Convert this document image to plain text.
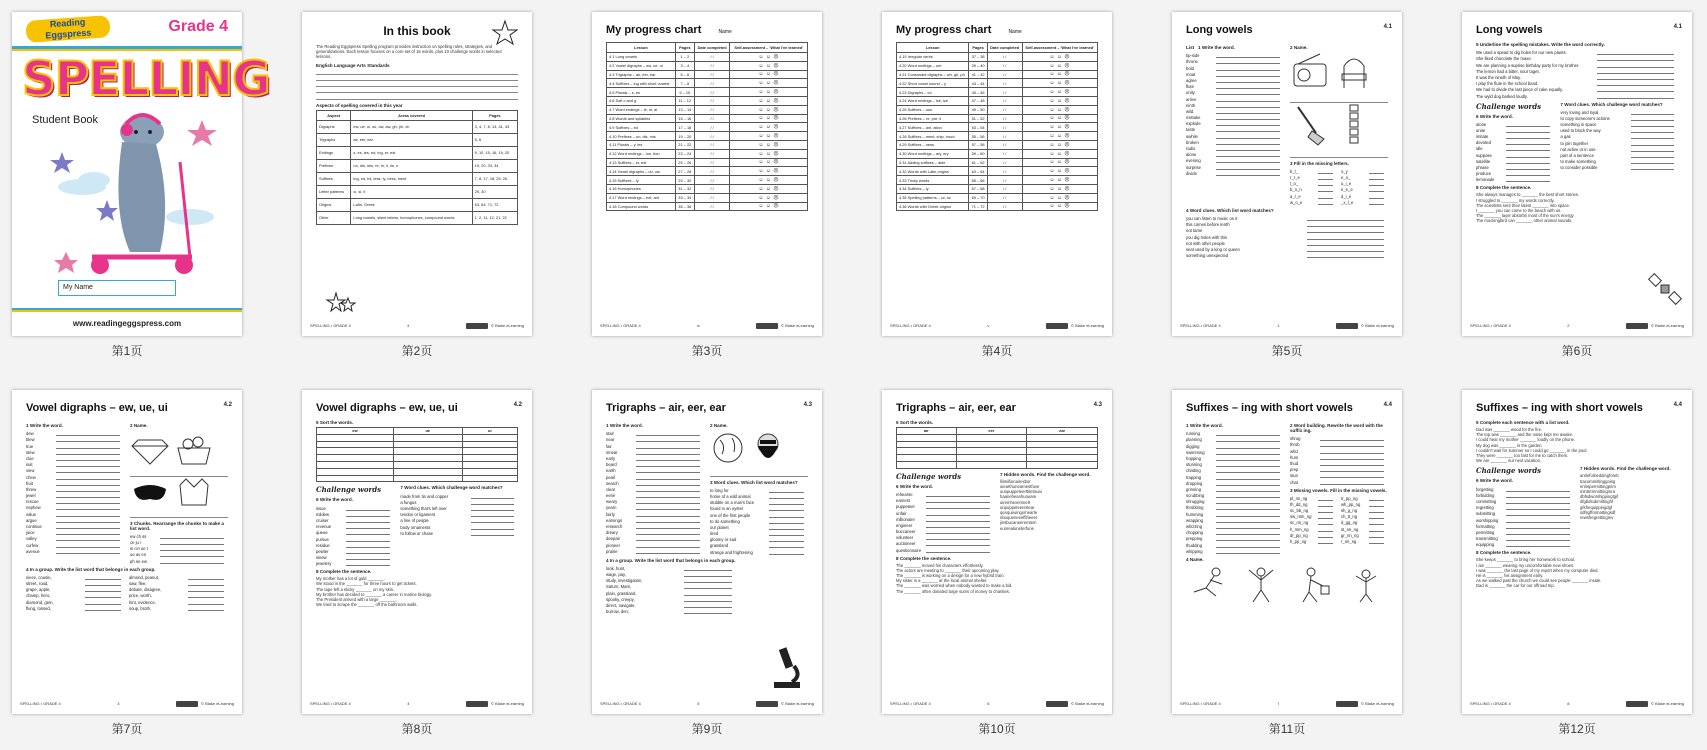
Reading Eggspress	Grade 4
SPELLING
Student Book
My Name
www.readingeggspress.com
第1页
In this book
The Reading Eggspress Spelling program provides instruction on spelling rules, strategies, and generalizations. Each lesson focuses on a core set of 16 words, plus 10 challenge words in selected lessons.
English Language Arts Standards
Aspects of spelling covered in this year
Aspect	Areas covered	Pages
Digraphs	ew, ue, ui, ou, ow, aw, gh, ph, ch	3, 4, 7, 8, 13, 41, 43
Trigraphs	air, eer, ear	5, 6
Endings	s, es, ies, ed, ing, er, est	9, 10, 15, 16, 19, 20
Prefixes	un, dis, mis, re, in, il, im, ir	19, 20, 33, 34
Suffixes	ing, ed, ful, less, ly, ness, ment	7, 8, 17, 18, 25, 26
Letter patterns	ci, si, ti	29, 30
Origins	Latin, Greek	63, 64, 71, 72
Other	Long vowels, silent letters, homophones, compound words	1, 2, 11, 12, 21, 22
SPELLING • GRADE 4	ii	© Blake eLearning
第2页
My progress chart	Name
Lesson	Pages	Date completed	Self-assessment – 'What I've learned'
4.1 Long vowels	1 – 2	/ /	☺ ☺ ☹
4.2 Vowel digraphs – ew, ue, ui	3 – 4	/ /	☺ ☺ ☹
4.3 Trigraphs – air, eer, ear	5 – 6	/ /	☺ ☺ ☹
4.4 Suffixes – ing with short vowels	7 – 8	/ /	☺ ☺ ☹
4.5 Plurals – s, es	9 – 10	/ /	☺ ☺ ☹
4.6 Soft c and g	11 – 12	/ /	☺ ☺ ☹
4.7 Word endings – le, el, al	13 – 14	/ /	☺ ☺ ☹
4.8 Words and syllables	15 – 16	/ /	☺ ☺ ☹
4.9 Suffixes – ed	17 – 18	/ /	☺ ☺ ☹
4.10 Prefixes – un, dis, mis	19 – 20	/ /	☺ ☺ ☹
4.11 Plurals – y, ies	21 – 22	/ /	☺ ☺ ☹
4.12 Word endings – ion, tion	23 – 24	/ /	☺ ☺ ☹
4.13 Suffixes – er, est	25 – 26	/ /	☺ ☺ ☹
4.14 Vowel digraphs – ou, ow	27 – 28	/ /	☺ ☺ ☹
4.15 Suffixes – ly	29 – 30	/ /	☺ ☺ ☹
4.16 Homophones	31 – 32	/ /	☺ ☺ ☹
4.17 Word endings – ent, ant	33 – 34	/ /	☺ ☺ ☹
4.18 Compound words	35 – 36	/ /	☺ ☺ ☹
SPELLING • GRADE 4	iv	© Blake eLearning
第3页
My progress chart	Name
Lesson	Pages	Date completed	Self-assessment – 'What I've learned'
4.19 Irregular verbs	37 – 38	/ /	☺ ☺ ☹
4.20 Word endings – ure	39 – 40	/ /	☺ ☺ ☹
4.21 Consonant digraphs – wh, gh, ph	41 – 42	/ /	☺ ☺ ☹
4.22 Short vowel sound – y	43 – 44	/ /	☺ ☺ ☹
4.23 Digraphs – ch	45 – 46	/ /	☺ ☺ ☹
4.24 Word endings – ise, ize	47 – 48	/ /	☺ ☺ ☹
4.25 Suffixes – ous	49 – 50	/ /	☺ ☺ ☹
4.26 Prefixes – re, pre, il	51 – 52	/ /	☺ ☺ ☹
4.27 Suffixes – ant, ation	53 – 54	/ /	☺ ☺ ☹
4.28 Suffixes – ment, ship, hood	55 – 56	/ /	☺ ☺ ☹
4.29 Suffixes – ness	57 – 58	/ /	☺ ☺ ☹
4.30 Word endings – ary, ery	59 – 60	/ /	☺ ☺ ☹
4.31 Adding suffixes – able	61 – 62	/ /	☺ ☺ ☹
4.32 Words with Latin origins	63 – 64	/ /	☺ ☺ ☹
4.33 Tricky words	65 – 66	/ /	☺ ☺ ☹
4.34 Suffixes – ly	67 – 68	/ /	☺ ☺ ☹
4.35 Spelling patterns – cc, sc	69 – 70	/ /	☺ ☺ ☹
4.36 Words with Greek origins	71 – 72	/ /	☺ ☺ ☹
SPELLING • GRADE 4	v	© Blake eLearning
第4页
Long vowels	4.1
List 1 Write the word.
tip-side
throne
bold
moat
agree
flute
unity
arrive
ninth
wild
mistake
explode
taste
awhile
broken
radio
alone
evening
surprise
divide
2 Name.

3 Fill in the missing letters.
b_l_	o_y
r_r_e	e_o_
t_o_	u_i_e
b_o_n	e_e_e
a_r_e	d_i_e
w_o_e	_x_l_e
4 Word clues. Which list word matches?
you can listen to music on it
this comes before tenth
not tame
you dig holes with this
not with other people
seat used by a king or queen
something unexpected
SPELLING • GRADE 4	1	© Blake eLearning
第5页
Long vowels	4.1
5 Underline the spelling mistakes. Write the word correctly.
We used a spead to dig holes for our new plants.
She liked chocolate the maxe.
We are planning a suprise birthday party for my brother.
The lemon had a bitter, sour taget.
It was the nineth of May.
I play the flute in the school band.
We had to divide the last piece of cake equally.
The wyld dog barked loudly.
Challenge words
6 Write the word.
alone
unite
imitate
devoted
idle
suppose
satellite
phrase
produce
lemonade
7 Word clues. Which challenge word matches?
very loving and loyal
to copy someone's actions
something in space
used to block the way
a gas
to join together
not active or in use
part of a sentence
to make something
to consider possible
8 Complete the sentence.
She always manages to _______ the best short stories.
I struggled to _______ my words correctly.
The scientists sent their latest _______ into space.
I _______ you can come to the beach with us.
The _______ layer absorbs most of the sun's energy.
The mockingbird can _______ other animal sounds.
SPELLING • GRADE 4	2	© Blake eLearning
第6页
Vowel digraphs – ew, ue, ui	4.2
1 Write the word.
dew
blew
true
stew
clue
suit
view
chew
fruit
threw
jewel
rescue
nephew
value
argue
continue
juice
valley
curfew
avenue
2 Name.

3 Chunks. Rearrange the chunks to make a list word.
ew ch ss
ce ju i
in cin ue t
ue av en
ph ne ew
4 In a group. Write the list word that belongs in each group.
niece, cousin,	almond, peanut,
street, road,	saw, flee,
grape, apple,	debate, disagree,
champ, hero,	price, worth,
diamond, gem,	hint, evidence,
flung, tossed,	soup, broth,
SPELLING • GRADE 4	3	© Blake eLearning
第7页
Vowel digraphs – ew, ue, ui	4.2
5 Sort the words.
ew	ue	ui

Challenge words
6 Write the word.
issue
mildew
cruiser
revenue
queue
pursue
residue
pewter
sinew
jewelery
7 Word clues. Which challenge word matches?
made from tin and copper
a fungus
something that's left over
tendon or ligament
a line of people
body ornaments
to follow or chase
8 Complete the sentence.
My mother has a lot of gold _______.
We stood in the _______ for three hours to get tickets.
The tape left a sticky _______ on my skin.
My brother has decided to _______ a career in marine biology.
The President arrived with a large _______.
We tried to scrape the _______ off the bathroom walls.
SPELLING • GRADE 4	4	© Blake eLearning
第8页
Trigraphs – air, eer, ear	4.3
1 Write the word.
stair
near
fair
smear
early
beard
earth
pearl
search
clear
eerie
weary
yearn
fairly
earnings
research
dreary
deepair
pioneer
prairie
2 Name.

3 Word clues. Which list word matches?
to long for
home of a wild animal
stubble on a man's face
found in an oyster
one of the first people
to do something
our planet
tired
gloomy or sad
grassland
strange and frightening
4 In a group. Write the list word that belongs in each group.
look, hunt,
wage, pay,
study, investigation,
Saturn, Mars,
plain, grassland,
spooky, creepy,
direct, navigate,
burrow, den,
SPELLING • GRADE 4	5	© Blake eLearning
第9页
Trigraphs – air, eer, ear	4.3
5 Sort the words.
air	eer	ear

Challenge words
6 Write the word.
rehearse
earnest
puppeteer
unfair
millionaire
engineer
buccaneer
volunteer
auctioneer
questionnaire
7 Hidden words. Find the challenge word.
lliimillionairexbor
uiearthunearnestfuve
uunpuppeteerttitetouai
haaneheanhuneare
uiremhexemnert
unpuppeteerertear
qenqueuingxrnearte
nbuqueneeeffiheeet
jinsbucaneeremtem
eunrealuneterfune
8 Complete the sentence.
The _______ moved his characters effortlessly.
The actors are meeting to _______ their upcoming play.
The _______ is working on a design for a new hybrid train.
My sister is a _______ at the local animal shelter.
The _______ was worried when nobody wanted to make a bid.
The _______ often donated large sums of money to charities.
SPELLING • GRADE 4	6	© Blake eLearning
第10页
Suffixes – ing with short vowels	4.4
1 Write the word.
running
planning
digging
swimming
hopping
stunning
chatting
trapping
dropping
grinning
scrubbing
shrugging
throbbing
humming
wrapping
whizzing
chopping
prepping
thudding
whipping
2 Word building. Rewrite the word with the suffix ing.
shrug
throb
whiz
hum
thud
prep
stun
chat
3 Missing vowels. Fill in the missing vowels.
pl_nn_ng	tr_pp_ng
th_dd_ng	wh_pp_ng
sc_bb_ng	sh_g_ng
sw_mm_ng	ch_tt_ng
sc_nn_ng	d_gg_ng
h_mm_ng	st_nn_ng
dr_pp_ng	gr_nn_ng
h_pp_ng	r_nn_ng
4 Name.
SPELLING • GRADE 4	7	© Blake eLearning
第11页
Suffixes – ing with short vowels	4.4
5 Complete each sentence with a list word.
Dad was _______ wood for the fire.
The top was _______ and the noise kept me awake.
I could hear my mother _______ loudly on the phone.
My dog was _______ in the garden.
I couldn't wait for summer so I could go _______ in the pool.
They were _______ too fast for me to catch them.
We are _______ our next vacation.
Challenge words
6 Write the word.
forgetting
forbidding
committing
regretting
submitting
worshipping
formatting
permitting
transmitting
equipping
7 Hidden words. Find the challenge word.
anrleforbeddingforeb
tracommittinggoing
enmtpermittingpnm
minttrrmmittingmra
dbfsdworshippingtgif
dfgbdsubmittinghf
gfsfrequippingdgf
sdfsgfformattingsdf
rewsfregrettingrev
8 Complete the sentence.
She keeps _______ to bring her homework to school.
I am _______ wearing my uncomfortable new shoes.
I was _______ the last page of my report when my computer died.
He is _______ his assignment early.
As we walked past the church we could see people _______ inside.
Dad is _______ the car for our offroad trip.
SPELLING • GRADE 4	8	© Blake eLearning
第12页
